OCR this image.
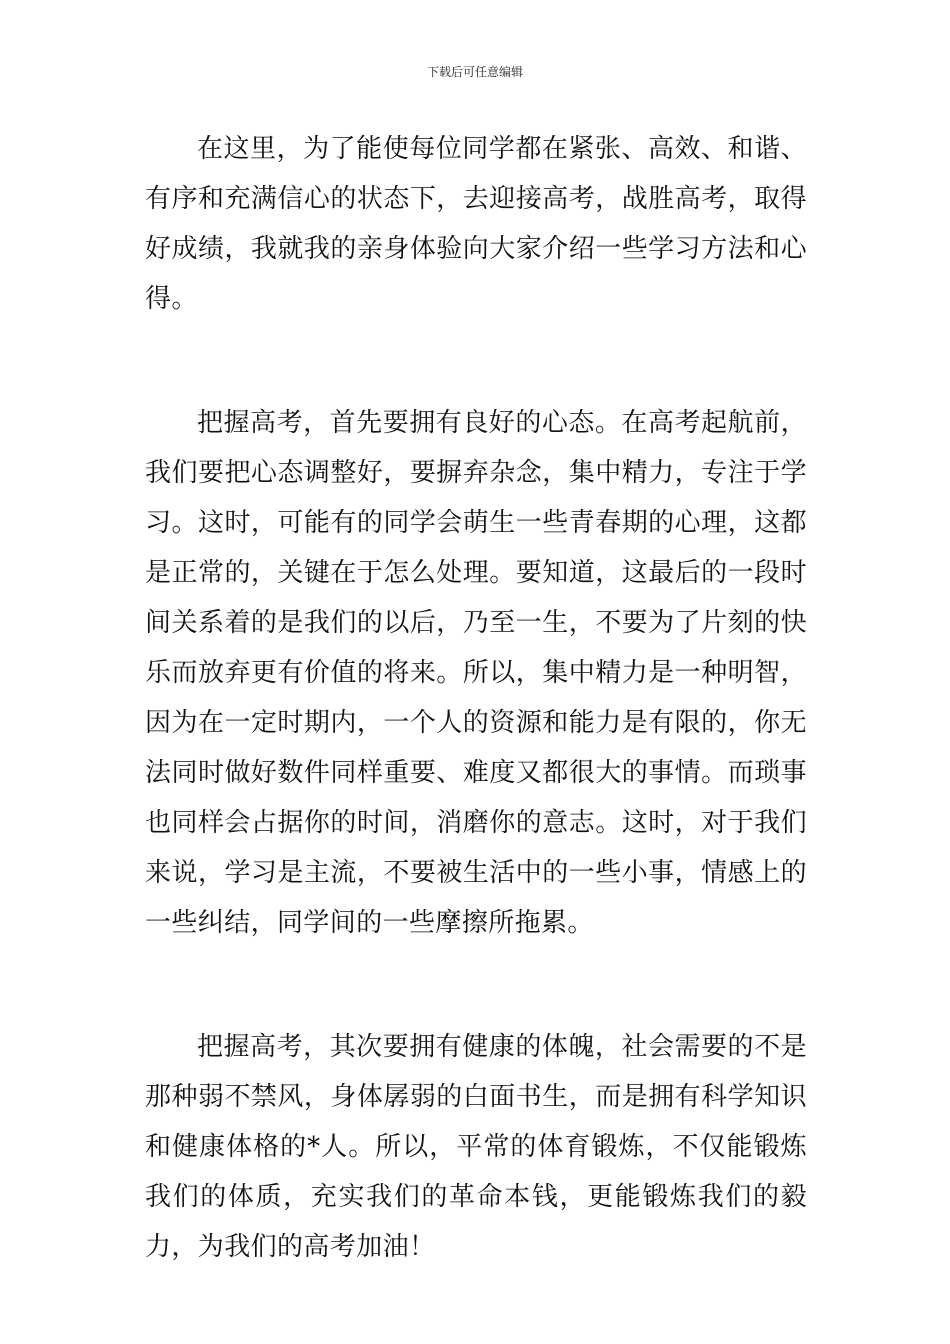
下载后可任意编辑

在这里，为了能使每位同学都在紧张、高效、和谐、有序和充满信心的状态下，去迎接高考，战胜高考，取得好成绩，我就我的亲身体验向大家介绍一些学习方法和心得。

把握高考，首先要拥有良好的心态。在高考起航前，我们要把心态调整好，要摒弃杂念，集中精力，专注于学习。这时，可能有的同学会萌生一些青春期的心理，这都是正常的，关键在于怎么处理。要知道，这最后的一段时间关系着的是我们的以后，乃至一生，不要为了片刻的快乐而放弃更有价值的将来。所以，集中精力是一种明智，因为在一定时期内，一个人的资源和能力是有限的，你无法同时做好数件同样重要、难度又都很大的事情。而琐事也同样会占据你的时间，消磨你的意志。这时，对于我们来说，学习是主流，不要被生活中的一些小事，情感上的一些纠结，同学间的一些摩擦所拖累。

把握高考，其次要拥有健康的体魄，社会需要的不是那种弱不禁风，身体孱弱的白面书生，而是拥有科学知识和健康体格的*人。所以，平常的体育锻炼，不仅能锻炼我们的体质，充实我们的革命本钱，更能锻炼我们的毅力，为我们的高考加油！
